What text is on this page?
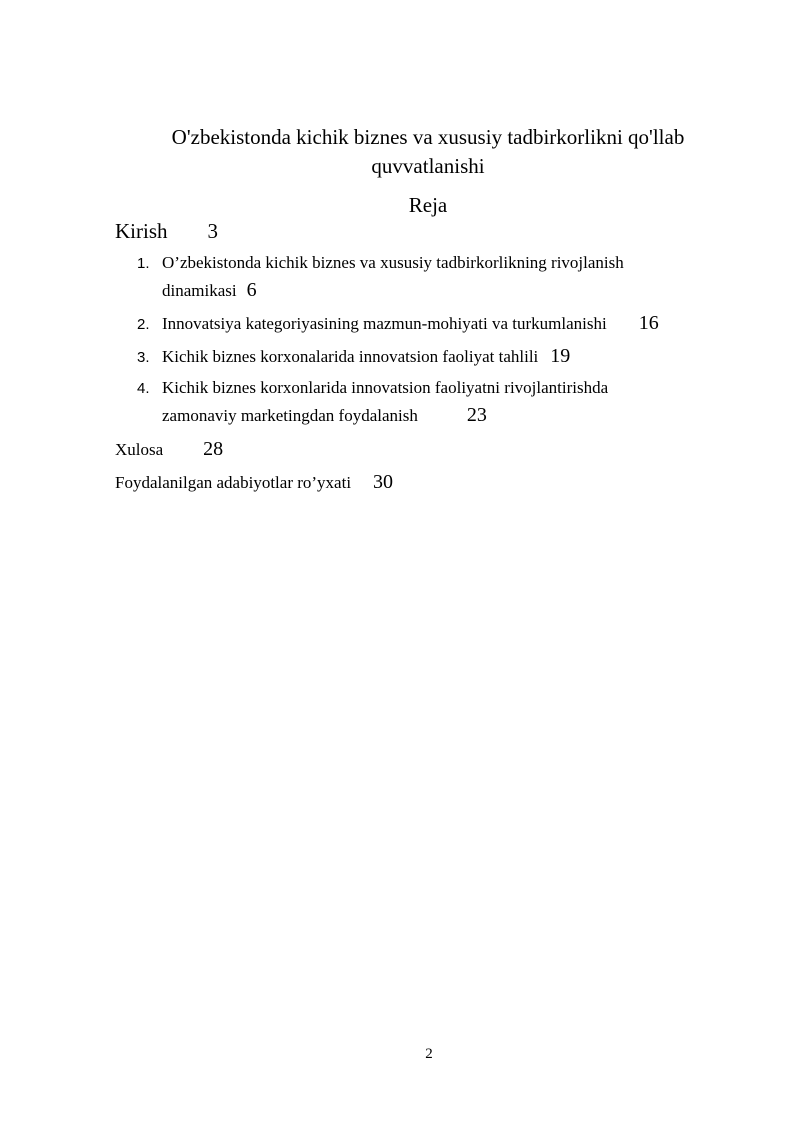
O'zbekistonda kichik biznes va xususiy tadbirkorlikni qo'llab quvvatlanishi
Reja
Kirish 3
1. O’zbekistonda kichik biznes va xususiy tadbirkorlikning rivojlanish
dinamikasi 6
2. Innovatsiya kategoriyasining mazmun-mohiyati va turkumlanishi 16
3. Kichik biznes korxonalarida innovatsion faoliyat tahlili 19
4. Kichik biznes korxonlarida innovatsion faoliyatni rivojlantirishda
zamonaviy marketingdan foydalanish 23
Xulosa 28
Foydalanilgan adabiyotlar ro’yxati 30
2
